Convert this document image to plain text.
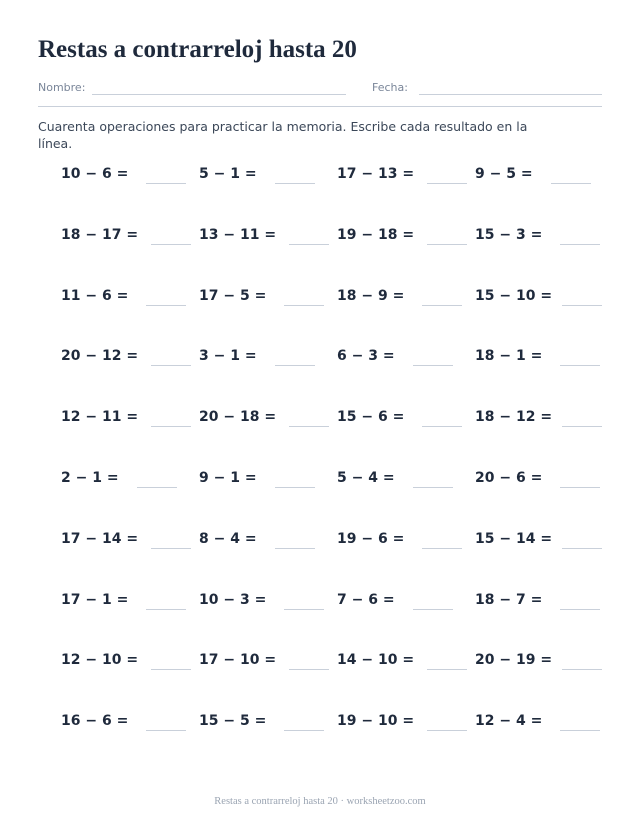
Restas a contrarreloj hasta 20
Nombre:	Fecha:

Cuarenta operaciones para practicar la memoria. Escribe cada resultado en la línea.

10 − 6 =	5 − 1 =	17 − 13 =	9 − 5 =
18 − 17 =	13 − 11 =	19 − 18 =	15 − 3 =
11 − 6 =	17 − 5 =	18 − 9 =	15 − 10 =
20 − 12 =	3 − 1 =	6 − 3 =	18 − 1 =
12 − 11 =	20 − 18 =	15 − 6 =	18 − 12 =
2 − 1 =	9 − 1 =	5 − 4 =	20 − 6 =
17 − 14 =	8 − 4 =	19 − 6 =	15 − 14 =
17 − 1 =	10 − 3 =	7 − 6 =	18 − 7 =
12 − 10 =	17 − 10 =	14 − 10 =	20 − 19 =
16 − 6 =	15 − 5 =	19 − 10 =	12 − 4 =
Restas a contrarreloj hasta 20 · worksheetzoo.com
